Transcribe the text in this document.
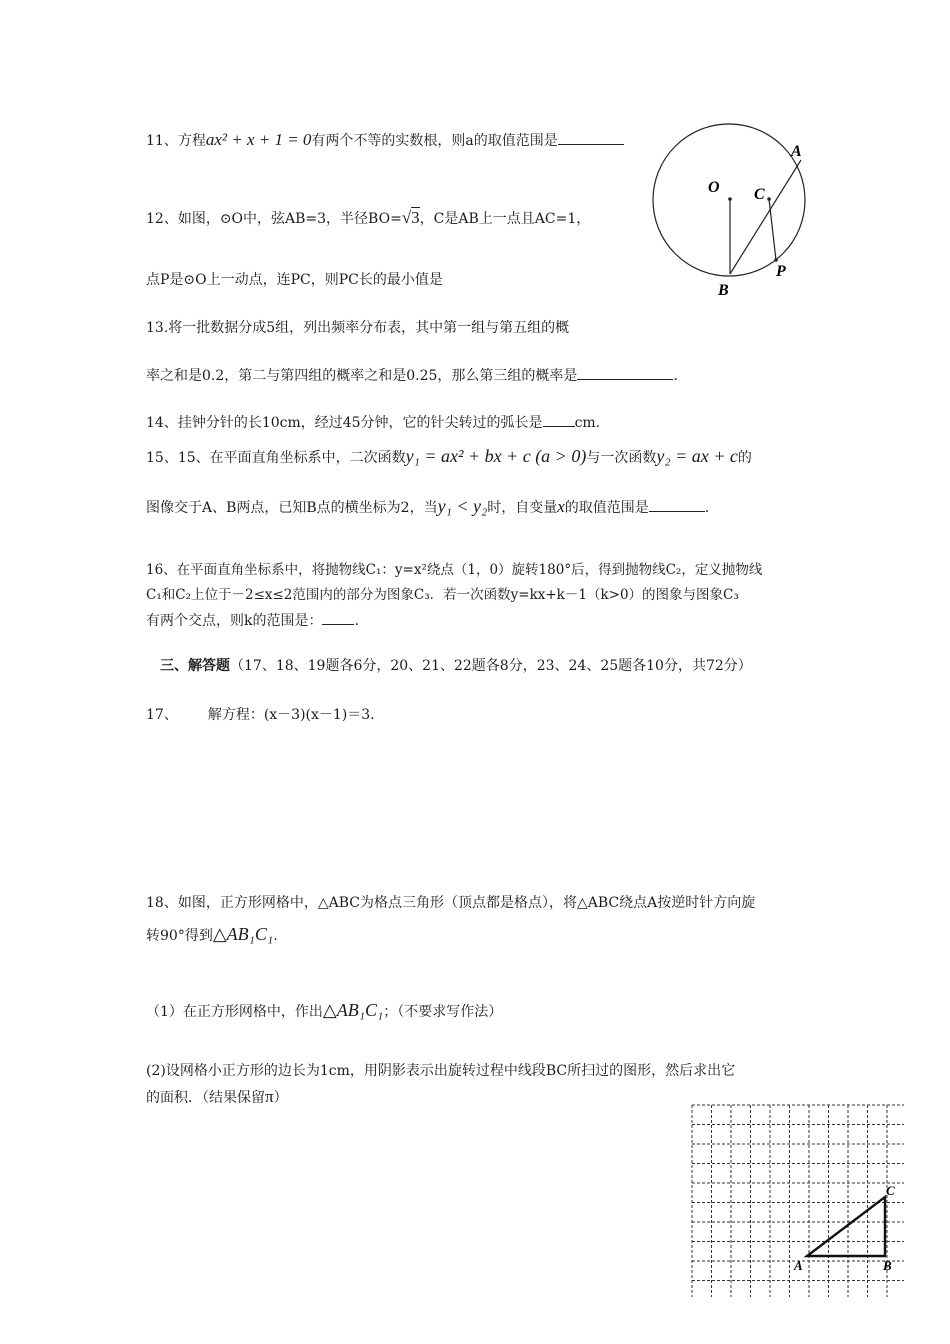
11、方程ax² + x + 1 = 0有两个不等的实数根，则a的取值范围是
O
A
C
B
P
12、如图，⊙O中，弦AB=3，半径BO=√3，C是AB上一点且AC=1，
点P是⊙O上一动点，连PC，则PC长的最小值是
13.将一批数据分成5组，列出频率分布表，其中第一组与第五组的概
率之和是0.2，第二与第四组的概率之和是0.25，那么第三组的概率是	.
14、挂钟分针的长10cm，经过45分钟，它的针尖转过的弧长是 cm.
15、15、在平面直角坐标系中，二次函数y₁ = ax² + bx + c (a > 0)与一次函数y₂ = ax + c的
图像交于A、B两点，已知B点的横坐标为2，当y₁ < y₂时，自变量x的取值范围是	.
16、在平面直角坐标系中，将抛物线C₁：y=x²绕点（1，0）旋转180°后，得到抛物线C₂，定义抛物线
C₁和C₂上位于－2≤x≤2范围内的部分为图象C₃．若一次函数y=kx+k－1（k>0）的图象与图象C₃
有两个交点，则k的范围是： .
三、解答题（17、18、19题各6分，20、21、22题各8分，23、24、25题各10分，共72分）
17、 解方程：(x－3)(x－1)＝3.
18、如图，正方形网格中，△ABC为格点三角形（顶点都是格点），将△ABC绕点A按逆时针方向旋
转90°得到△AB₁C₁.
（1）在正方形网格中，作出△AB₁C₁；（不要求写作法）
(2)设网格小正方形的边长为1cm，用阴影表示出旋转过程中线段BC所扫过的图形，然后求出它
的面积．（结果保留π）
A	B
C
